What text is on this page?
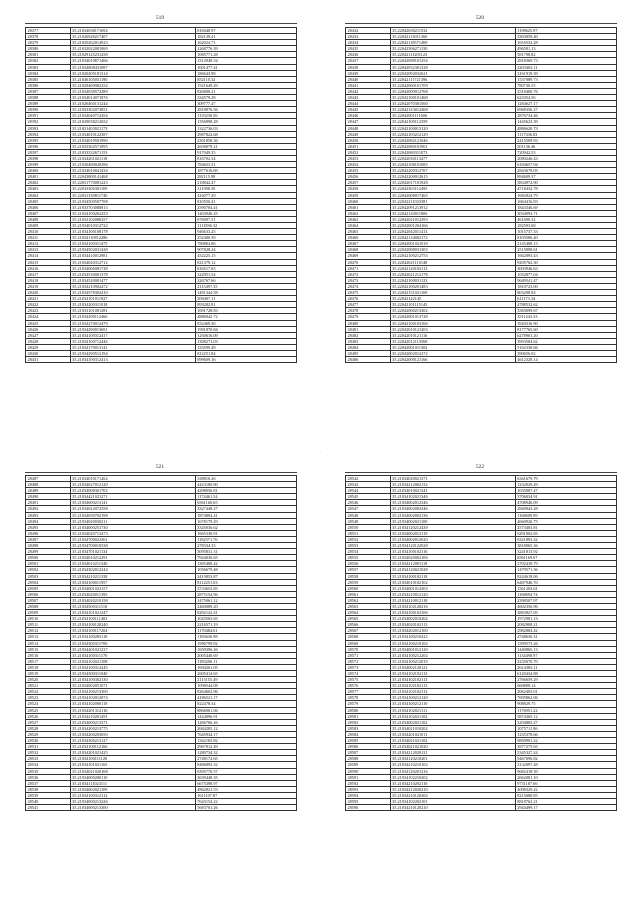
519
28377	35.21034038171692	818448.97
28378	35.21026928217407	182139.41
28379	35.21020262014923	162024.71
28380	35.21032022081069	1268776.39
28381	35.21029125231258	1085771.28
28382	35.21034010871466	1312948.54
28383	35.21034008431087	1001477.41
28384	35.21020205181314	186643.98
28385	35.21036105051190	852110.32
28386	35.21029460982254	1521649.29
28387	35.21034038572289	826808.21
28388	35.21034014071876	334579.28
28389	35.21026460131244	309777.47
28390	35.21033302073851	2818876.56
28391	35.21034040712454	1135230.56
28392	35.21029038212652	1356898.28
28393	35.21021403021173	1322736.03
28394	35.21034010122387	2987822.68
28395	35.21034019501990	2301858.36
28396	35.21033302571895	2658079.21
28397	35.21033332671153	917049.35
28398	35.21034201021118	816702.34
28399	35.21030480020296	784653.31
28400	35.21034010041434	1877616.69
28401	35.22043800141468	282115.98
28402	35.22031770081223	218842.47
28403	35.22033300301109	311998.50
28404	35.22031330811740	416077.29
28405	35.21034500507708	810550.41
28406	35.21033703080813	2590704.41
28407	35.21034100262253	1403946.25
28408	35.21032102086357	676097.51
28409	35.21034010312722	1111836.32
28410	35.21034100108178	946633.25
28411	35.21034110812286	252400.50
28412	35.21034100311475	780804.86
28413	35.21034502031428	907828.24
28414	35.21034410012981	452225.15
28415	35.21034020312712	821379.12
28416	35.21034006081728	816517.65
28417	35.21034530001378	322951.54
28418	35.21034520081477	326767.66
28419	35.21034210902472	2115497.35
28420	35.21034578302410	1491344.58
28421	35.21034101011927	509407.11
28422	35.21034200311018	893282.81
28423	35.21033101081281	1691728.83
28424	35.21034290112460	4886942.72
28425	35.21034270012479	832469.30
28426	35.21034290013691	1991870.84
28427	35.21034100312417	1250616.09
28428	35.21034100712446	1308271.03
28429	35.21034170013141	133599.49
28430	35.21034290512194	812251.84
28431	35.21034100312413	899609.16
520
28432	35.22042038211532	1198625.97
28433	35.22042113011360	3303859.40
28434	35.22042118571469	1616532.28
28435	35.22042506271150	496581.13
28436	35.22042111201123	581798.82
28437	35.22042098101254	2818369.73
28438	35.22042032301328	2203403.11
28439	35.22042092032621	3161919.39
28440	35.22042111721396	1537089.73
28441	35.22042060101709	780730.55
28442	35.22042009012768	2518406.76
28443	35.22042100101468	623354.56
28444	35.22042070301560	1284627.17
28445	35.22042123012468	6968356.27
28446	35.22042001111606	2876734.46
28447	35.22042100112359	1445623.39
28448	35.22042100013120	4886620.73
28449	35.22042103212129	1117336.83
28450	35.22042082121046	2415509.93
28451	35.22042080101901	501136.46
28452	35.22042080311073	720942.53
28453	35.22042030113477	2080246.43
28454	35.22042108101085	6184657.94
28455	35.22042200312767	2843679.05
28456	35.22042200012615	894609.37
28457	35.22042017101928	3834972.90
28458	35.22042303112495	4718432.78
28459	35.22042008017465	1682824.79
28460	35.22042211023381	1664416.83
28461	35.22042091213912	1843346.69
28462	35.22042120011806	3034993.71
28463	35.22042021012293	461690.32
28464	35.22042001204166	182593.68
28465	35.22042042011413	1015737.33
28466	35.22042134002172	8103586.40
28467	35.22042001021018	2145408.13
28468	35.22042098031303	2515898.61
28469	35.22042100212753	1662093.43
28470	35.22042021110148	9295762.30
28471	35.22042120103113	3003946.63
28472	35.22042021212178	1032877.04
28473	35.22042100031123	9649541.47
28474	35.22042100201483	1810723.00
28475	35.22042151021169	803298.94
28476	35.22042142145	611173.34
28477	35.22042101115145	4788532.62
28478	35.22042000213302	3583099.67
28479	35.22042001013728	3511243.33
28480	35.22042100103166	3920316.90
28481	35.22042010121203	8177765.60
28482	35.22042010121116	6278901.20
28483	35.22042012113568	3993584.62
28484	35.22042001011302	5162330.66
28485	35.22042002012272	390656.02
28486	35.22042000121166	4612328.14
521
28487	35.21034010171262	338810.26
28488	35.21034027012120	4423180.80
28489	35.21034008301702	4298056.81
28490	35.21034421021271	1174461.54
28491	35.21034000213141	6561160.65
28492	35.21034022072358	3327448.27
28493	35.21034030702198	1874894.41
28494	35.21034020030211	1678179.29
28495	35.21034000251730	3345036.62
28496	35.21034020713473	1665338.91
28497	35.21034700022361	1182571.76
28498	35.21034700010338	278334.33
28499	35.21034701021134	3095831.31
28500	35.21034010212291	7944030.65
28501	35.21034010211340	1385408.42
28502	35.21034302012244	1056679.48
28503	35.21034210211338	2419853.87
28504	35.21034100011957	8112251.03
28505	35.21034001023157	5733653.85
28506	35.21034020011395	2875154.96
28507	35.21034020210158	1475061.12
28508	35.21034500311118	2460089.20
28509	35.21034101021247	8292122.41
28510	35.21034100111403	1025563.65
28511	35.21034100120240	2216571.19
28512	35.21034100117204	1170484.61
28513	35.21034100283118	1183636.98
28514	35.21034300311700	1996799.82
28515	35.21034201021237	1659396.26
28516	35.21034100311170	2005440.69
28517	35.21034102021108	1183206.11
28518	35.21034100312245	1694261.05
28519	35.21034300311040	2605414.65
28520	35.21034100302130	2115155.49
28521	35.21034002051071	1098544.08
28522	35.21034100213300	8264602.96
28523	35.21034102012074	4186521.17
28524	35.21034102000118	822478.34
28525	35.21034201312116	8866061.06
28526	35.21034210201291	1424096.91
28527	35.21034000213371	1266766.26
28528	35.21034200213775	2684285.12
28529	35.21034200203050	7645934.17
28530	35.21034300213127	1342165.82
28531	35.21034100112160	2967812.49
28532	35.21034201021425	1280734.32
28533	35.21034100111120	2748172.65
28534	35.21034101021165	8486893.32
28535	35.21034021020168	6395776.57
28536	35.21034000200110	3639448.35
28537	35.21034111023111	6675398.97
28538	35.21034002021109	4862821.53
28539	35.21034100312112	1611107.87
28540	35.21034000213226	7643154.22
28541	35.21034000213300	5683701.26
522
28542	35.21034020021371	6341679.79
28543	35.21034212002132	1232029.29
28544	35.21034010021341	1035087.47
28545	35.21034102021346	3706034.91
28546	35.21034002012346	4708946.09
28547	35.21034002002346	2849943.28
28548	35.21034002002136	1168609.99
28549	35.21034002021100	4660926.75
28550	35.21034120212439	2573403.81
28551	35.21034002012119	6291002.83
28552	35.21034002012020	6321893.42
28553	35.21034120122028	3818065.36
28554	35.21034100102116	3241813.92
28555	35.21034020002106	6561169.67
28556	35.21034212001118	2702418.79
28557	35.21034120021028	1479571.36
28558	35.21034100102118	8244618.06
28559	35.21034010102102	6487946.70
28560	35.21034001012303	1561203.61
28561	35.21034210012120	1168694.74
28562	35.21034210012118	2398507.97
28563	35.21034102120216	4602356.96
28564	35.21034100102106	3883827.05
28565	35.21034002010202	1972981.13
28566	35.21034020102113	2082908.21
28567	35.21034202012100	2982884.42
28568	35.21034100210222	2748636.31
28569	35.21034100210102	1599573.26
28570	35.21034001012120	1440865.13
28571	35.21034100212202	1134498.97
28572	35.21034100212019	2235670.70
28573	35.21034002120121	2614383.11
28574	35.21034102102113	6120434.88
28575	35.21034102102113	2766659.29
28576	35.21034102102113	660808.14
28577	35.21034102102113	2062403.01
28578	35.21034100212120	7695862.06
28579	35.21034100212110	908829.75
28580	35.21034102021111	1176951.22
28581	35.21034102021102	5874365.12
28582	35.21034002021102	3294805.27
28583	35.21034021010202	1075711.96
28584	35.21034201021011	1235378.66
28585	35.21034021021102	9850901.22
28586	35.21034021021020	3977275.65
28587	35.21034212020121	5345327.24
28588	35.21034120210201	9467096.82
28589	35.21034210210102	2132097.48
28590	35.21034120201216	9682418.39
28591	35.21034102210202	2662081.10
28592	35.21034210202110	9731187.66
28593	35.21034212020210	4098329.42
28594	35.21034210120202	8215680.85
28595	35.21034102202101	8818762.21
28596	35.21034210120210	2944499.17
